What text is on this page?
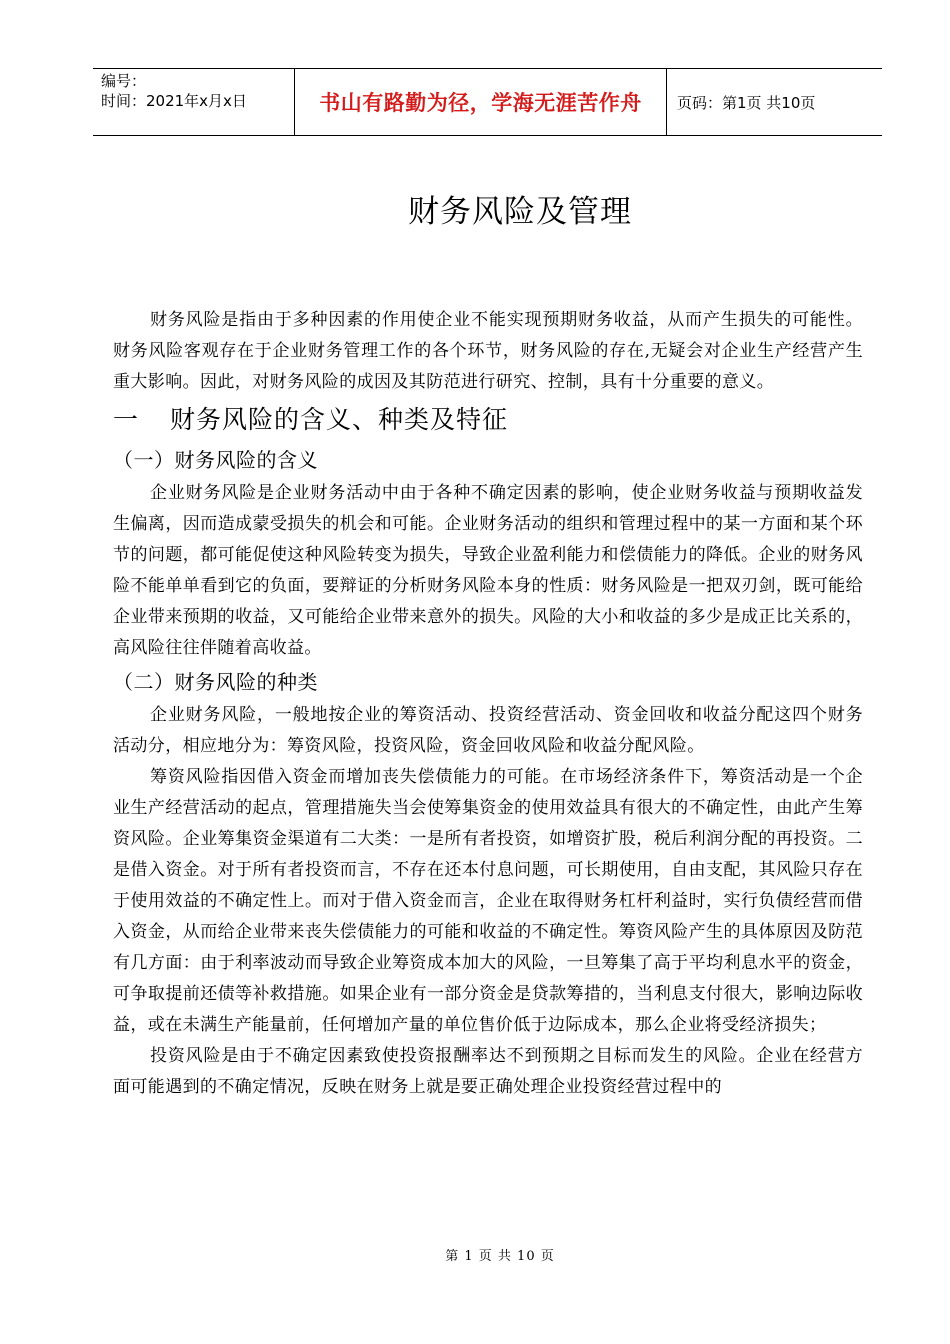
编号：
时间：2021年x月x日	书山有路勤为径，学海无涯苦作舟	页码：第1页 共10页
财务风险及管理

财务风险是指由于多种因素的作用使企业不能实现预期财务收益，从而产生损失的可能性。财务风险客观存在于企业财务管理工作的各个环节，财务风险的存在,无疑会对企业生产经营产生重大影响。因此，对财务风险的成因及其防范进行研究、控制，具有十分重要的意义。

一 财务风险的含义、种类及特征
（一）财务风险的含义

企业财务风险是企业财务活动中由于各种不确定因素的影响，使企业财务收益与预期收益发生偏离，因而造成蒙受损失的机会和可能。企业财务活动的组织和管理过程中的某一方面和某个环节的问题，都可能促使这种风险转变为损失，导致企业盈利能力和偿债能力的降低。企业的财务风险不能单单看到它的负面，要辩证的分析财务风险本身的性质：财务风险是一把双刃剑，既可能给企业带来预期的收益，又可能给企业带来意外的损失。风险的大小和收益的多少是成正比关系的，高风险往往伴随着高收益。

（二）财务风险的种类

企业财务风险，一般地按企业的筹资活动、投资经营活动、资金回收和收益分配这四个财务活动分，相应地分为：筹资风险，投资风险，资金回收风险和收益分配风险。

筹资风险指因借入资金而增加丧失偿债能力的可能。在市场经济条件下，筹资活动是一个企业生产经营活动的起点，管理措施失当会使筹集资金的使用效益具有很大的不确定性，由此产生筹资风险。企业筹集资金渠道有二大类：一是所有者投资，如增资扩股，税后利润分配的再投资。二是借入资金。对于所有者投资而言，不存在还本付息问题，可长期使用，自由支配，其风险只存在于使用效益的不确定性上。而对于借入资金而言，企业在取得财务杠杆利益时，实行负债经营而借入资金，从而给企业带来丧失偿债能力的可能和收益的不确定性。筹资风险产生的具体原因及防范有几方面：由于利率波动而导致企业筹资成本加大的风险，一旦筹集了高于平均利息水平的资金，可争取提前还债等补救措施。如果企业有一部分资金是贷款筹措的，当利息支付很大，影响边际收益，或在未满生产能量前，任何增加产量的单位售价低于边际成本，那么企业将受经济损失；

投资风险是由于不确定因素致使投资报酬率达不到预期之目标而发生的风险。企业在经营方面可能遇到的不确定情况，反映在财务上就是要正确处理企业投资经营过程中的

第 1 页 共 10 页
